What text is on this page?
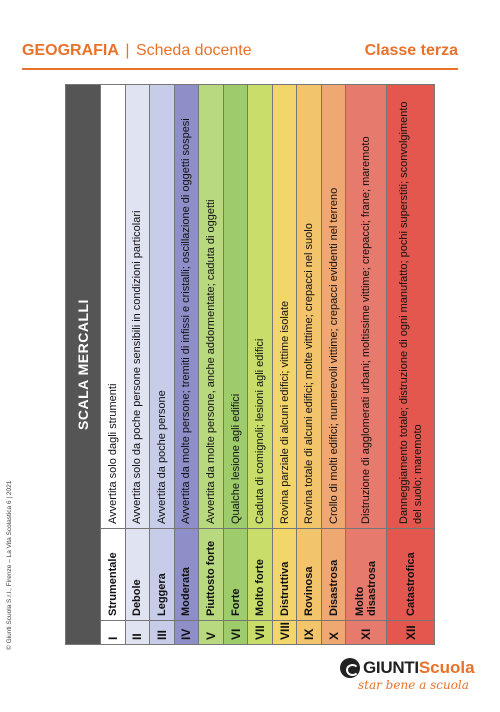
GEOGRAFIA | Scheda docente	Classe terza
© Giunti Scuola S.r.l., Firenze – La Vita Scolastica 6 | 2021
SCALA MERCALLI		
I	Strumentale	Avvertita solo dagli strumenti
II	Debole	Avvertita solo da poche persone sensibili in condizioni particolari
III	Leggera	Avvertita da poche persone
IV	Moderata	Avvertita da molte persone; tremiti di infissi e cristalli; oscillazione di oggetti sospesi
V	Piuttosto forte	Avvertita da molte persone, anche addormentate; caduta di oggetti
VI	Forte	Qualche lesione agli edifici
VII	Molto forte	Caduta di comignoli; lesioni agli edifici
VIII	Distruttiva	Rovina parziale di alcuni edifici; vittime isolate
IX	Rovinosa	Rovina totale di alcuni edifici; molte vittime; crepacci nel suolo
X	Disastrosa	Crollo di molti edifici; numerevoli vittime; crepacci evidenti nel terreno
XI	Molto disastrosa	Distruzione di agglomerati urbani; moltissime vittime; crepacci; frane; maremoto
XII	Catastrofica	Danneggiamento totale; distruzione di ogni manufatto; pochi superstiti; sconvolgimento del suolo; maremoto
GIUNTI Scuola
star bene a scuola
